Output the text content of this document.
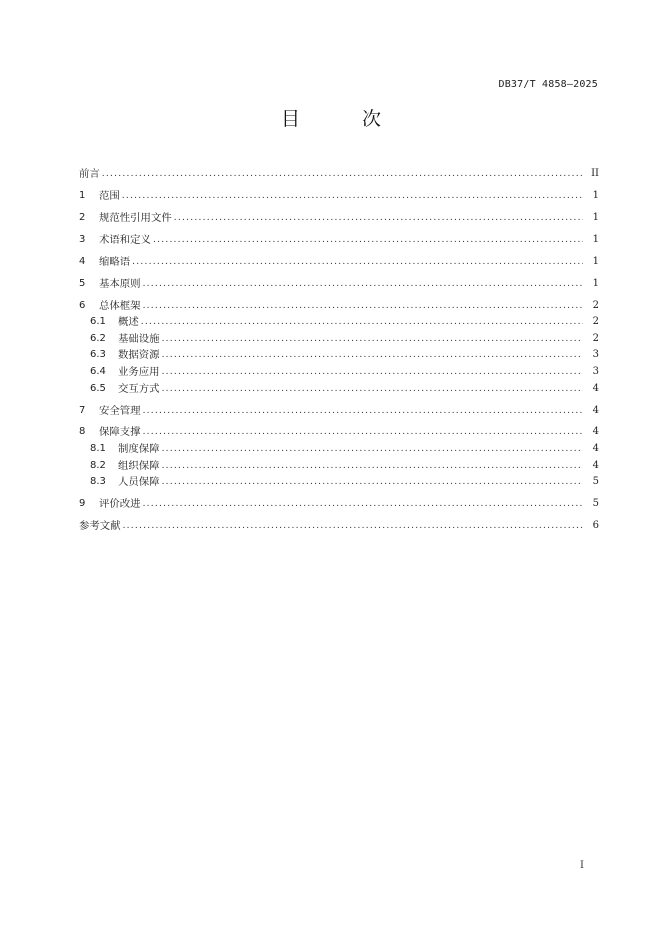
DB37/T 4858—2025
目 次
前言 . . .	II
1	范围 . . .	1
2	规范性引用文件 . . .	1
3	术语和定义 . . .	1
4	缩略语 . . .	1
5	基本原则 . . .	1
6	总体框架 . . .	2
6.1	概述 . . .	2
6.2	基础设施 . . .	2
6.3	数据资源 . . .	3
6.4	业务应用 . . .	3
6.5	交互方式 . . .	4
7	安全管理 . . .	4
8	保障支撑 . . .	4
8.1	制度保障 . . .	4
8.2	组织保障 . . .	4
8.3	人员保障 . . .	5
9	评价改进 . . .	5
参考文献 . . .	6
I
